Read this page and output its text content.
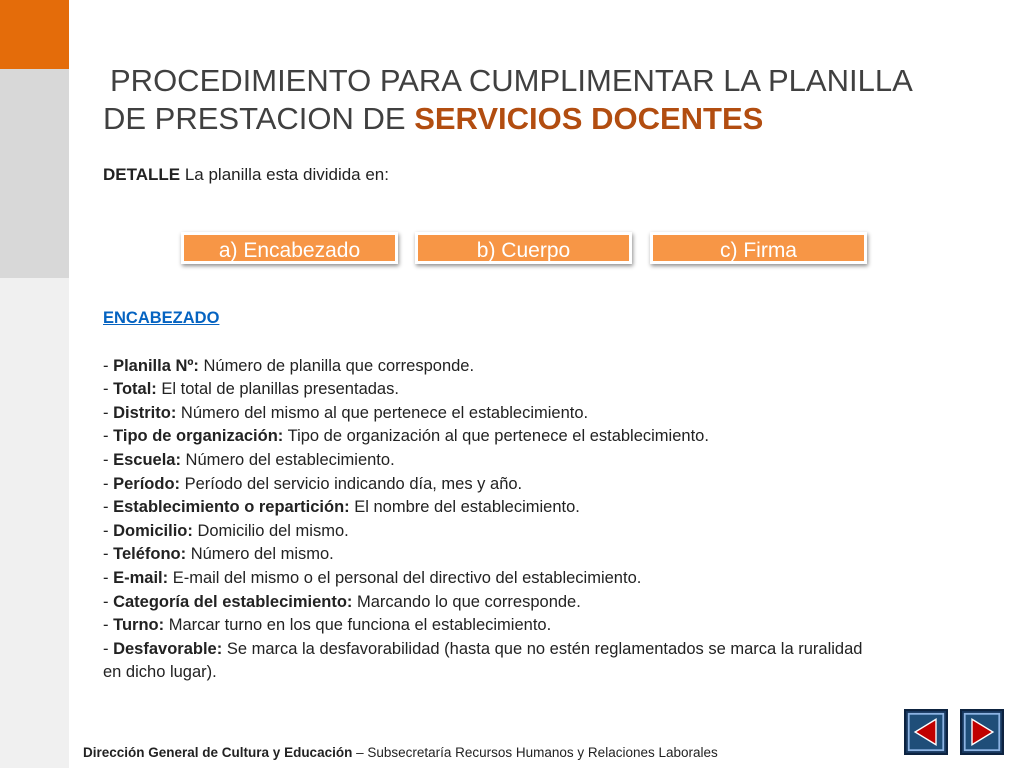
PROCEDIMIENTO PARA CUMPLIMENTAR LA PLANILLA
DE PRESTACION DE SERVICIOS DOCENTES
DETALLE La planilla esta dividida en:
a) Encabezado	b) Cuerpo	c) Firma
ENCABEZADO
- Planilla Nº: Número de planilla que corresponde.
- Total: El total de planillas presentadas.
- Distrito: Número del mismo al que pertenece el establecimiento.
- Tipo de organización: Tipo de organización al que pertenece el establecimiento.
- Escuela: Número del establecimiento.
- Período: Período del servicio indicando día, mes y año.
- Establecimiento o repartición: El nombre del establecimiento.
- Domicilio: Domicilio del mismo.
- Teléfono: Número del mismo.
- E-mail: E-mail del mismo o el personal del directivo del establecimiento.
- Categoría del establecimiento: Marcando lo que corresponde.
- Turno: Marcar turno en los que funciona el establecimiento.
- Desfavorable: Se marca la desfavorabilidad (hasta que no estén reglamentados se marca la ruralidad en dicho lugar).
Dirección General de Cultura y Educación – Subsecretaría Recursos Humanos y Relaciones Laborales
